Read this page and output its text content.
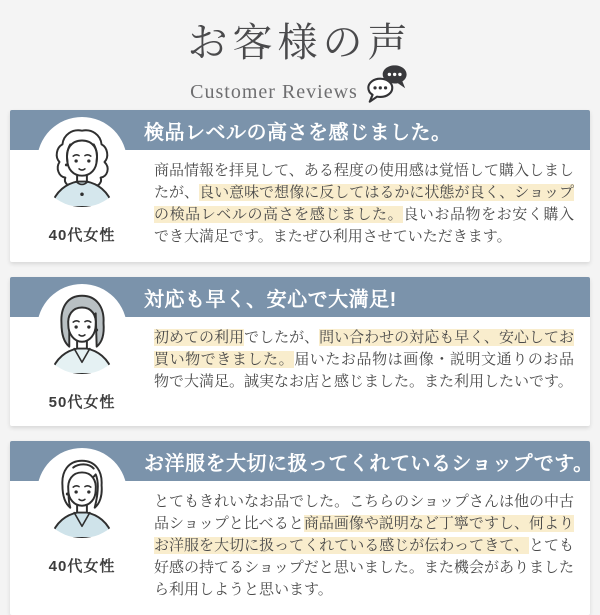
お客様の声
Customer Reviews
検品レベルの高さを感じました。
40代女性

商品情報を拝見して、ある程度の使用感は覚悟して購入しましたが、良い意味で想像に反してはるかに状態が良く、ショップの検品レベルの高さを感じました。良いお品物をお安く購入でき大満足です。またぜひ利用させていただきます。

対応も早く、安心で大満足!
50代女性

初めての利用でしたが、問い合わせの対応も早く、安心してお買い物できました。届いたお品物は画像・説明文通りのお品物で大満足。誠実なお店と感じました。また利用したいです。

お洋服を大切に扱ってくれているショップです。
40代女性

とてもきれいなお品でした。こちらのショップさんは他の中古品ショップと比べると商品画像や説明など丁寧ですし、何よりお洋服を大切に扱ってくれている感じが伝わってきて、とても好感の持てるショップだと思いました。また機会がありましたら利用しようと思います。
